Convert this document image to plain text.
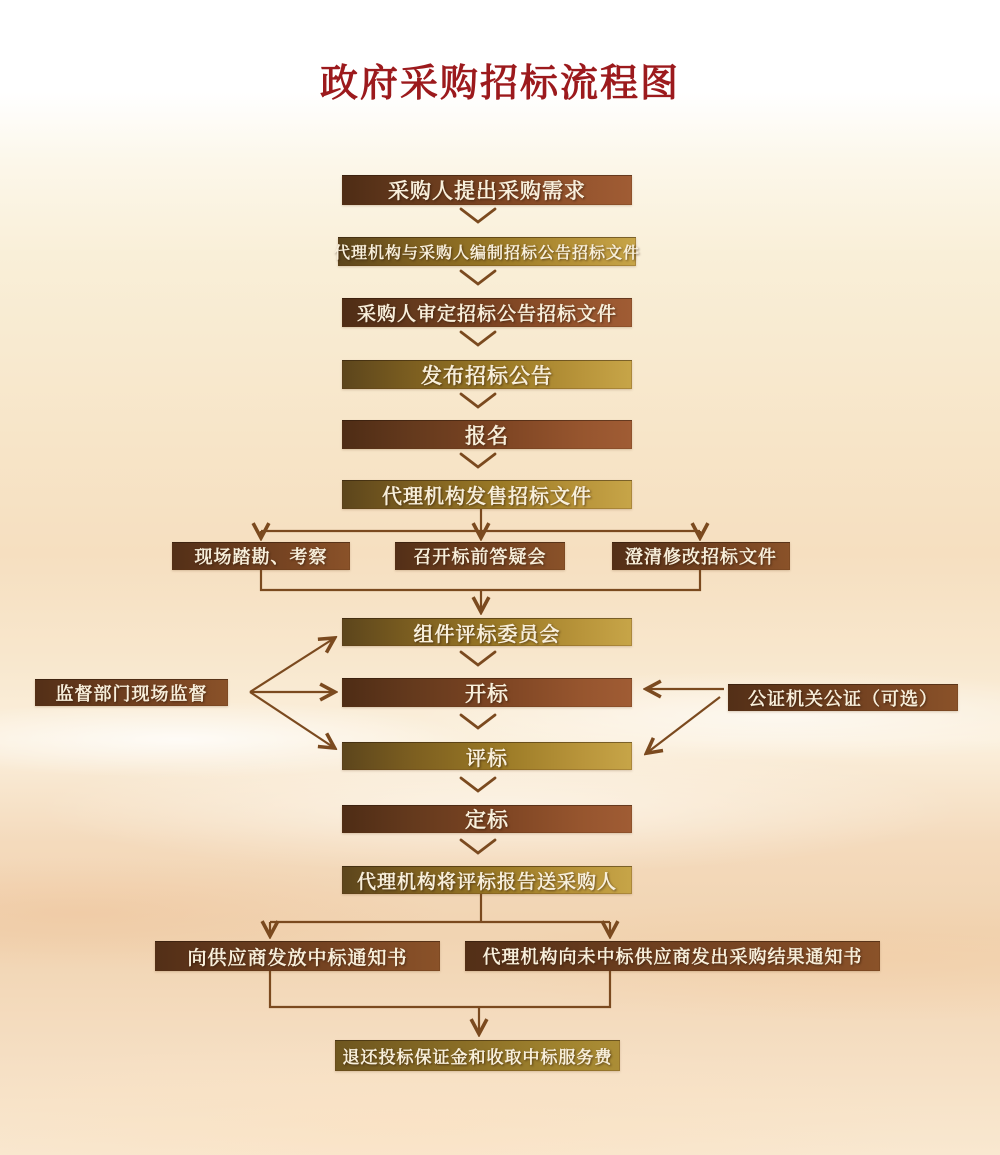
政府采购招标流程图
采购人提出采购需求
代理机构与采购人编制招标公告招标文件
采购人审定招标公告招标文件
发布招标公告
报名
代理机构发售招标文件
现场踏勘、考察	召开标前答疑会	澄清修改招标文件
组件评标委员会
开标
评标
定标
代理机构将评标报告送采购人
监督部门现场监督	公证机关公证（可选）
向供应商发放中标通知书	代理机构向未中标供应商发出采购结果通知书
退还投标保证金和收取中标服务费
